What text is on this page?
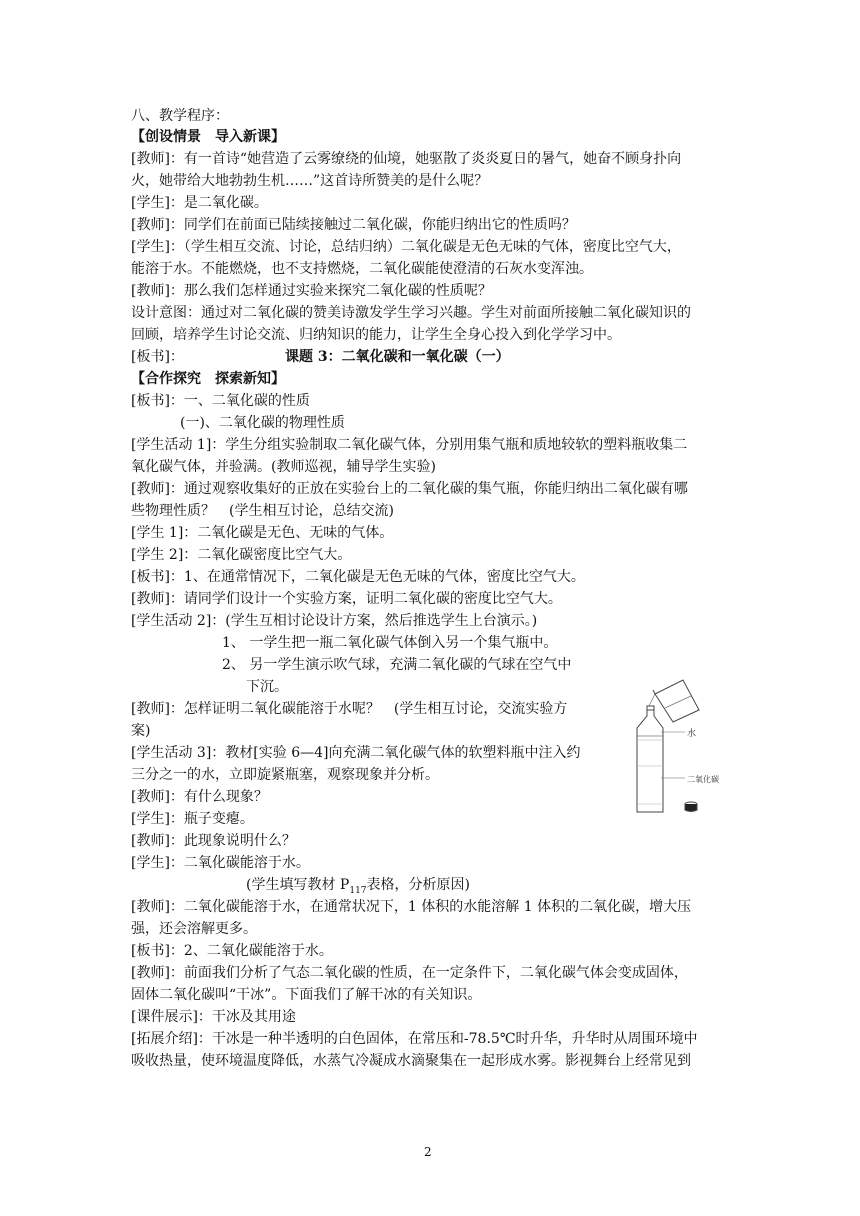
八、教学程序：
【创设情景　导入新课】
[教师]：有一首诗“她营造了云雾缭绕的仙境，她驱散了炎炎夏日的暑气，她奋不顾身扑向
火，她带给大地勃勃生机……”这首诗所赞美的是什么呢？
[学生]：是二氧化碳。
[教师]：同学们在前面已陆续接触过二氧化碳，你能归纳出它的性质吗？
[学生]：（学生相互交流、讨论，总结归纳）二氧化碳是无色无味的气体，密度比空气大，
能溶于水。不能燃烧，也不支持燃烧，二氧化碳能使澄清的石灰水变浑浊。
[教师]：那么我们怎样通过实验来探究二氧化碳的性质呢？
设计意图：通过对二氧化碳的赞美诗激发学生学习兴趣。学生对前面所接触二氧化碳知识的
回顾，培养学生讨论交流、归纳知识的能力，让学生全身心投入到化学学习中。
[板书]：	课题 3：二氧化碳和一氧化碳（一）
【合作探究　探索新知】
[板书]：一、二氧化碳的性质
(一)、二氧化碳的物理性质
[学生活动 1]：学生分组实验制取二氧化碳气体，分别用集气瓶和质地较软的塑料瓶收集二
氧化碳气体，并验满。(教师巡视，辅导学生实验)
[教师]：通过观察收集好的正放在实验台上的二氧化碳的集气瓶，你能归纳出二氧化碳有哪
些物理性质？　(学生相互讨论，总结交流)
[学生 1]：二氧化碳是无色、无味的气体。
[学生 2]：二氧化碳密度比空气大。
[板书]：1、在通常情况下，二氧化碳是无色无味的气体，密度比空气大。
[教师]：请同学们设计一个实验方案，证明二氧化碳的密度比空气大。
[学生活动 2]：(学生互相讨论设计方案，然后推选学生上台演示。)
1、 一学生把一瓶二氧化碳气体倒入另一个集气瓶中。
2、 另一学生演示吹气球，充满二氧化碳的气球在空气中
下沉。
[教师]：怎样证明二氧化碳能溶于水呢？　(学生相互讨论，交流实验方
案)
[学生活动 3]：教材[实验 6—4]向充满二氧化碳气体的软塑料瓶中注入约
三分之一的水，立即旋紧瓶塞，观察现象并分析。
[教师]：有什么现象？
[学生]：瓶子变瘪。
[教师]：此现象说明什么？
[学生]：二氧化碳能溶于水。
(学生填写教材 $P_{117}$表格，分析原因)
[教师]：二氧化碳能溶于水，在通常状况下，1 体积的水能溶解 1 体积的二氧化碳，增大压
强，还会溶解更多。
[板书]：2、二氧化碳能溶于水。
[教师]：前面我们分析了气态二氧化碳的性质，在一定条件下，二氧化碳气体会变成固体，
固体二氧化碳叫“干冰”。下面我们了解干冰的有关知识。
[课件展示]：干冰及其用途
[拓展介绍]：干冰是一种半透明的白色固体，在常压和-78.5℃时升华，升华时从周围环境中
吸收热量，使环境温度降低，水蒸气冷凝成水滴聚集在一起形成水雾。影视舞台上经常见到
水
二氧化碳
2
